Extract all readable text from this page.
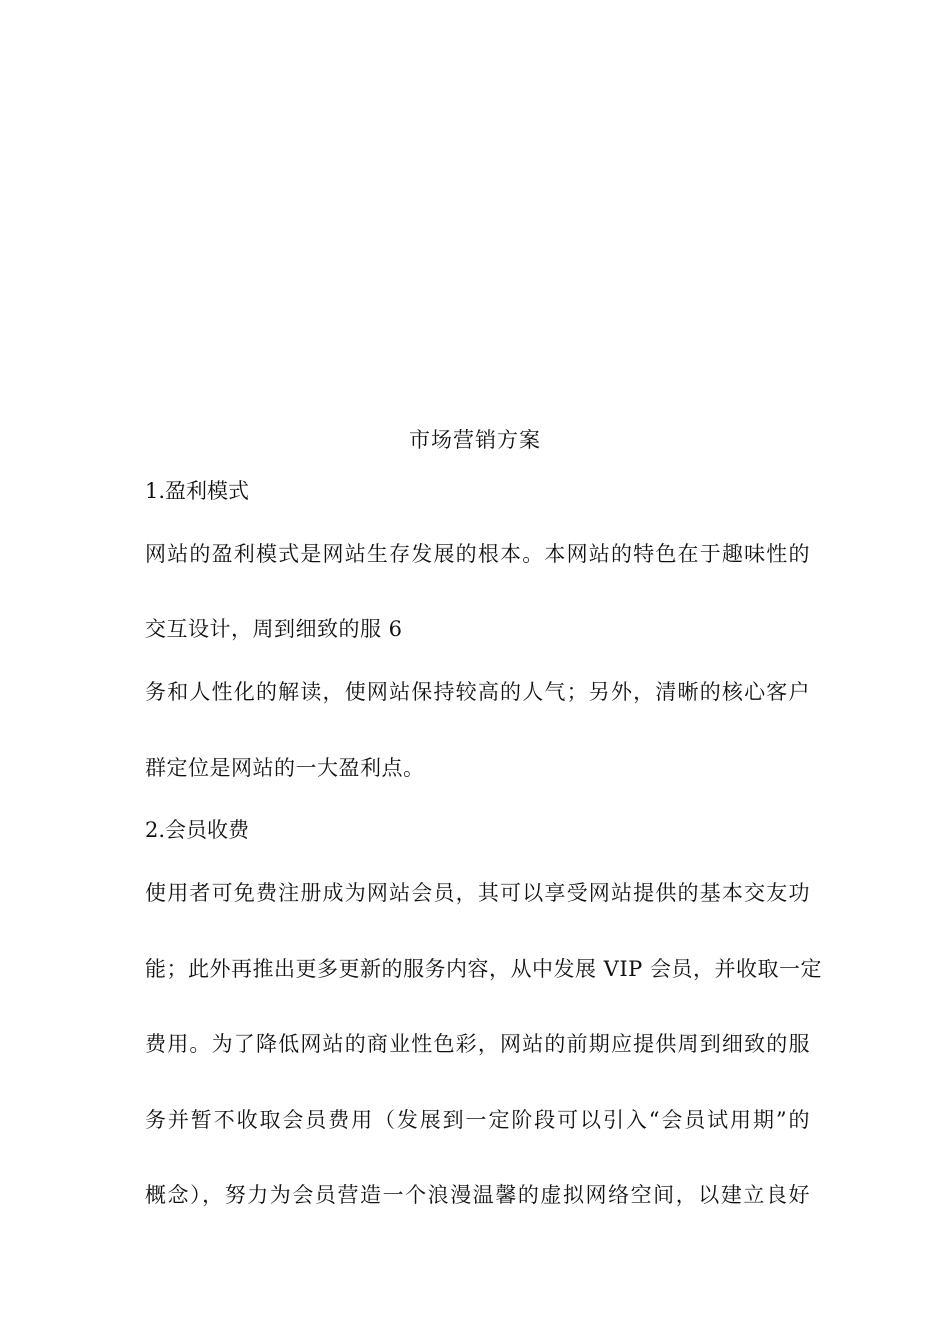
市场营销方案
1.盈利模式
网站的盈利模式是网站生存发展的根本。本网站的特色在于趣味性的
交互设计，周到细致的服 6
务和人性化的解读，使网站保持较高的人气；另外，清晰的核心客户
群定位是网站的一大盈利点。
2.会员收费
使用者可免费注册成为网站会员，其可以享受网站提供的基本交友功
能；此外再推出更多更新的服务内容，从中发展 VIP 会员，并收取一定
费用。为了降低网站的商业性色彩，网站的前期应提供周到细致的服
务并暂不收取会员费用（发展到一定阶段可以引入“会员试用期”的
概念），努力为会员营造一个浪漫温馨的虚拟网络空间，以建立良好
